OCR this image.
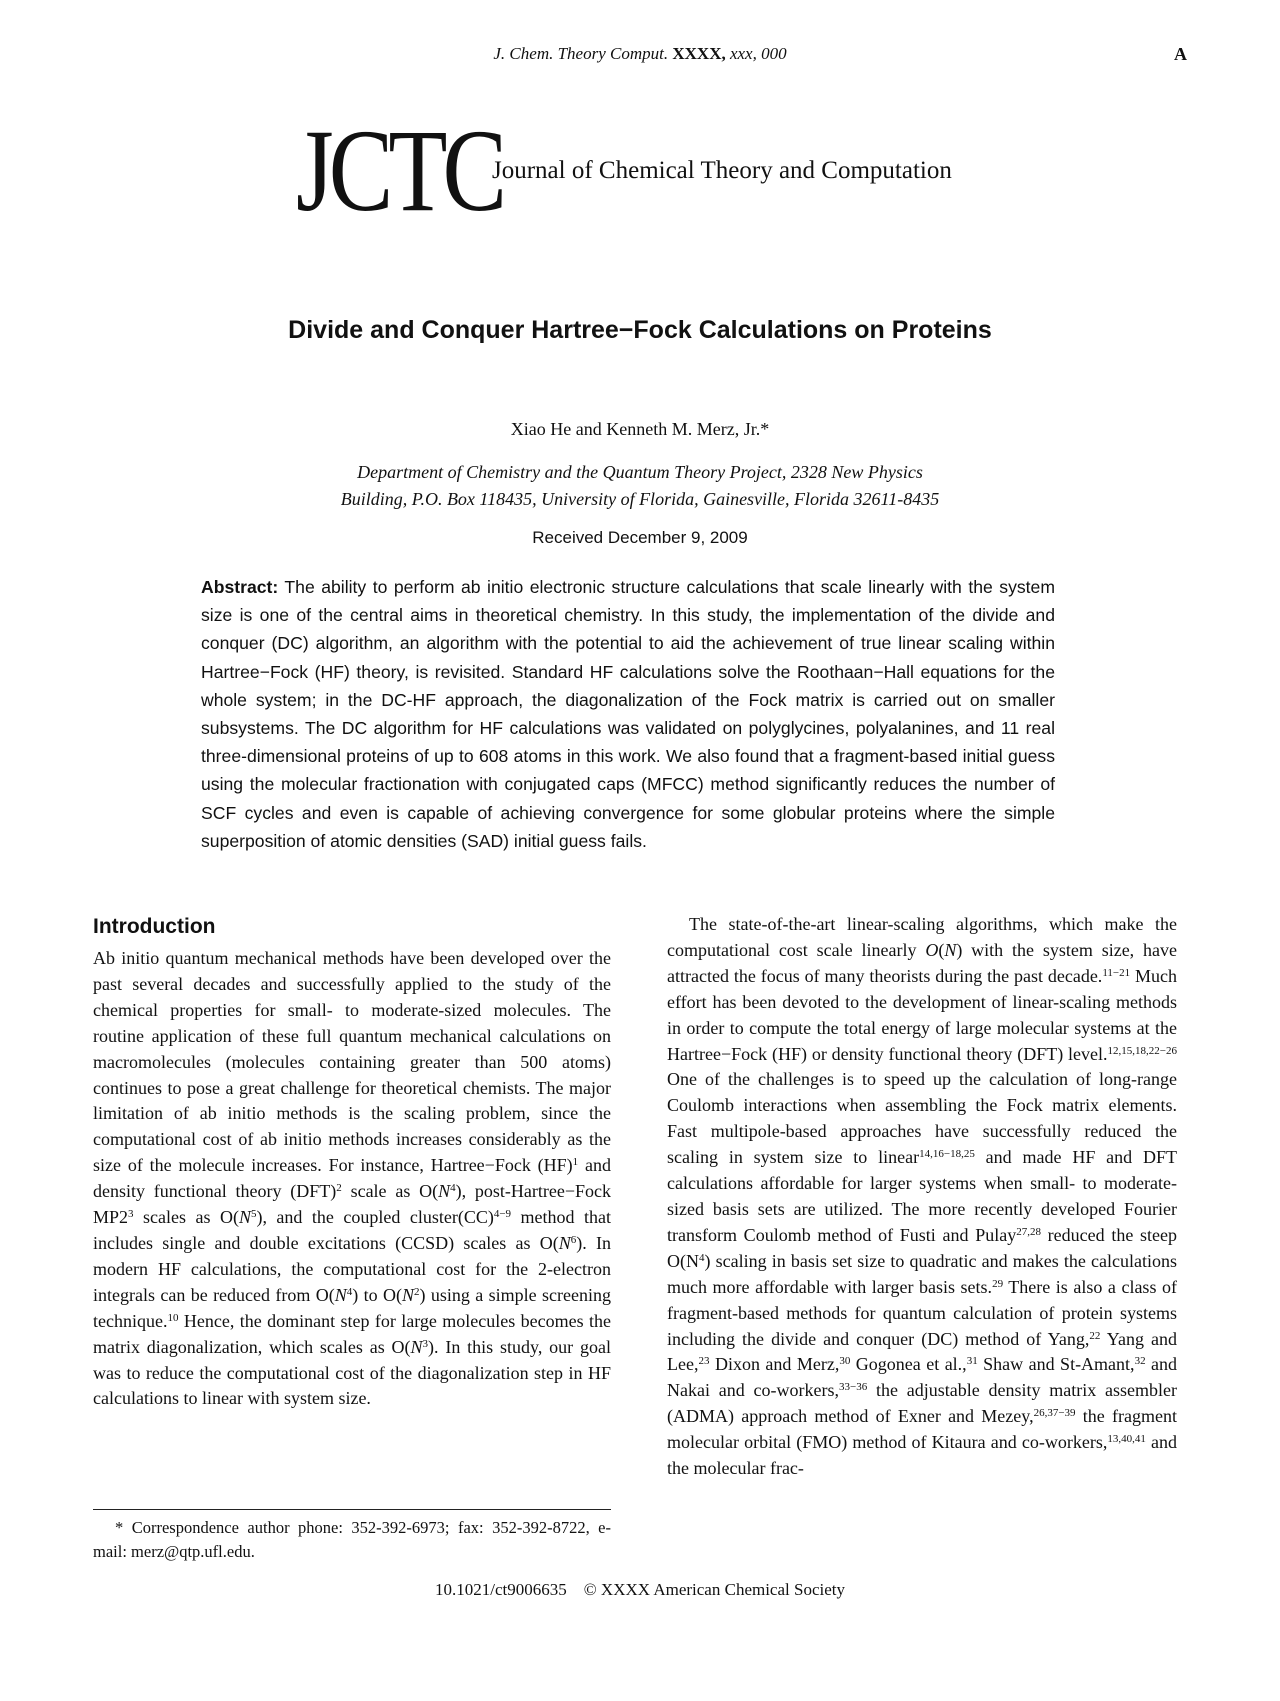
J. Chem. Theory Comput. XXXX, xxx, 000	A
JCTC
Journal of Chemical Theory and Computation
Divide and Conquer Hartree−Fock Calculations on Proteins
Xiao He and Kenneth M. Merz, Jr.*
Department of Chemistry and the Quantum Theory Project, 2328 New Physics
Building, P.O. Box 118435, University of Florida, Gainesville, Florida 32611-8435
Received December 9, 2009
Abstract: The ability to perform ab initio electronic structure calculations that scale linearly with the system size is one of the central aims in theoretical chemistry. In this study, the implementation of the divide and conquer (DC) algorithm, an algorithm with the potential to aid the achievement of true linear scaling within Hartree−Fock (HF) theory, is revisited. Standard HF calculations solve the Roothaan−Hall equations for the whole system; in the DC-HF approach, the diagonalization of the Fock matrix is carried out on smaller subsystems. The DC algorithm for HF calculations was validated on polyglycines, polyalanines, and 11 real three-dimensional proteins of up to 608 atoms in this work. We also found that a fragment-based initial guess using the molecular fractionation with conjugated caps (MFCC) method significantly reduces the number of SCF cycles and even is capable of achieving convergence for some globular proteins where the simple superposition of atomic densities (SAD) initial guess fails.
Introduction
Ab initio quantum mechanical methods have been developed over the past several decades and successfully applied to the study of the chemical properties for small- to moderate-sized molecules. The routine application of these full quantum mechanical calculations on macromolecules (molecules containing greater than 500 atoms) continues to pose a great challenge for theoretical chemists. The major limitation of ab initio methods is the scaling problem, since the computational cost of ab initio methods increases considerably as the size of the molecule increases. For instance, Hartree−Fock (HF)$^1$ and density functional theory (DFT)$^2$ scale as $O(N^4)$, post-Hartree−Fock $MP2^3$ scales as $O(N^5)$, and the coupled cluster(CC)$^{4-9}$ method that includes single and double excitations (CCSD) scales as $O(N^6)$. In modern HF calculations, the computational cost for the 2-electron integrals can be reduced from $O(N^4)$ to $O(N^2)$ using a simple screening technique.$^{10}$ Hence, the dominant step for large molecules becomes the matrix diagonalization, which scales as $O(N^3)$. In this study, our goal was to reduce the computational cost of the diagonalization step in HF calculations to linear with system size.
The state-of-the-art linear-scaling algorithms, which make the computational cost scale linearly O(N) with the system size, have attracted the focus of many theorists during the past decade.$^{11-21}$ Much effort has been devoted to the development of linear-scaling methods in order to compute the total energy of large molecular systems at the Hartree−Fock (HF) or density functional theory (DFT) level.$^{12,15,18,22-26}$ One of the challenges is to speed up the calculation of long-range Coulomb interactions when assembling the Fock matrix elements. Fast multipole-based approaches have successfully reduced the scaling in system size to linear$^{14,16-18,25}$ and made HF and DFT calculations affordable for larger systems when small- to moderate-sized basis sets are utilized. The more recently developed Fourier transform Coulomb method of Fusti and Pulay$^{27,28}$ reduced the steep $O(N^4)$ scaling in basis set size to quadratic and makes the calculations much more affordable with larger basis sets.$^{29}$ There is also a class of fragment-based methods for quantum calculation of protein systems including the divide and conquer (DC) method of Yang,$^{22}$ Yang and Lee,$^{23}$ Dixon and Merz,$^{30}$ Gogonea et al.,$^{31}$ Shaw and St-Amant,$^{32}$ and Nakai and co-workers,$^{33-36}$ the adjustable density matrix assembler (ADMA) approach method of Exner and Mezey,$^{26,37-39}$ the fragment molecular orbital (FMO) method of Kitaura and co-workers,$^{13,40,41}$ and the molecular frac-
* Correspondence author phone: 352-392-6973; fax: 352-392-8722, e-mail: merz@qtp.ufl.edu.
10.1021/ct9006635 © XXXX American Chemical Society
